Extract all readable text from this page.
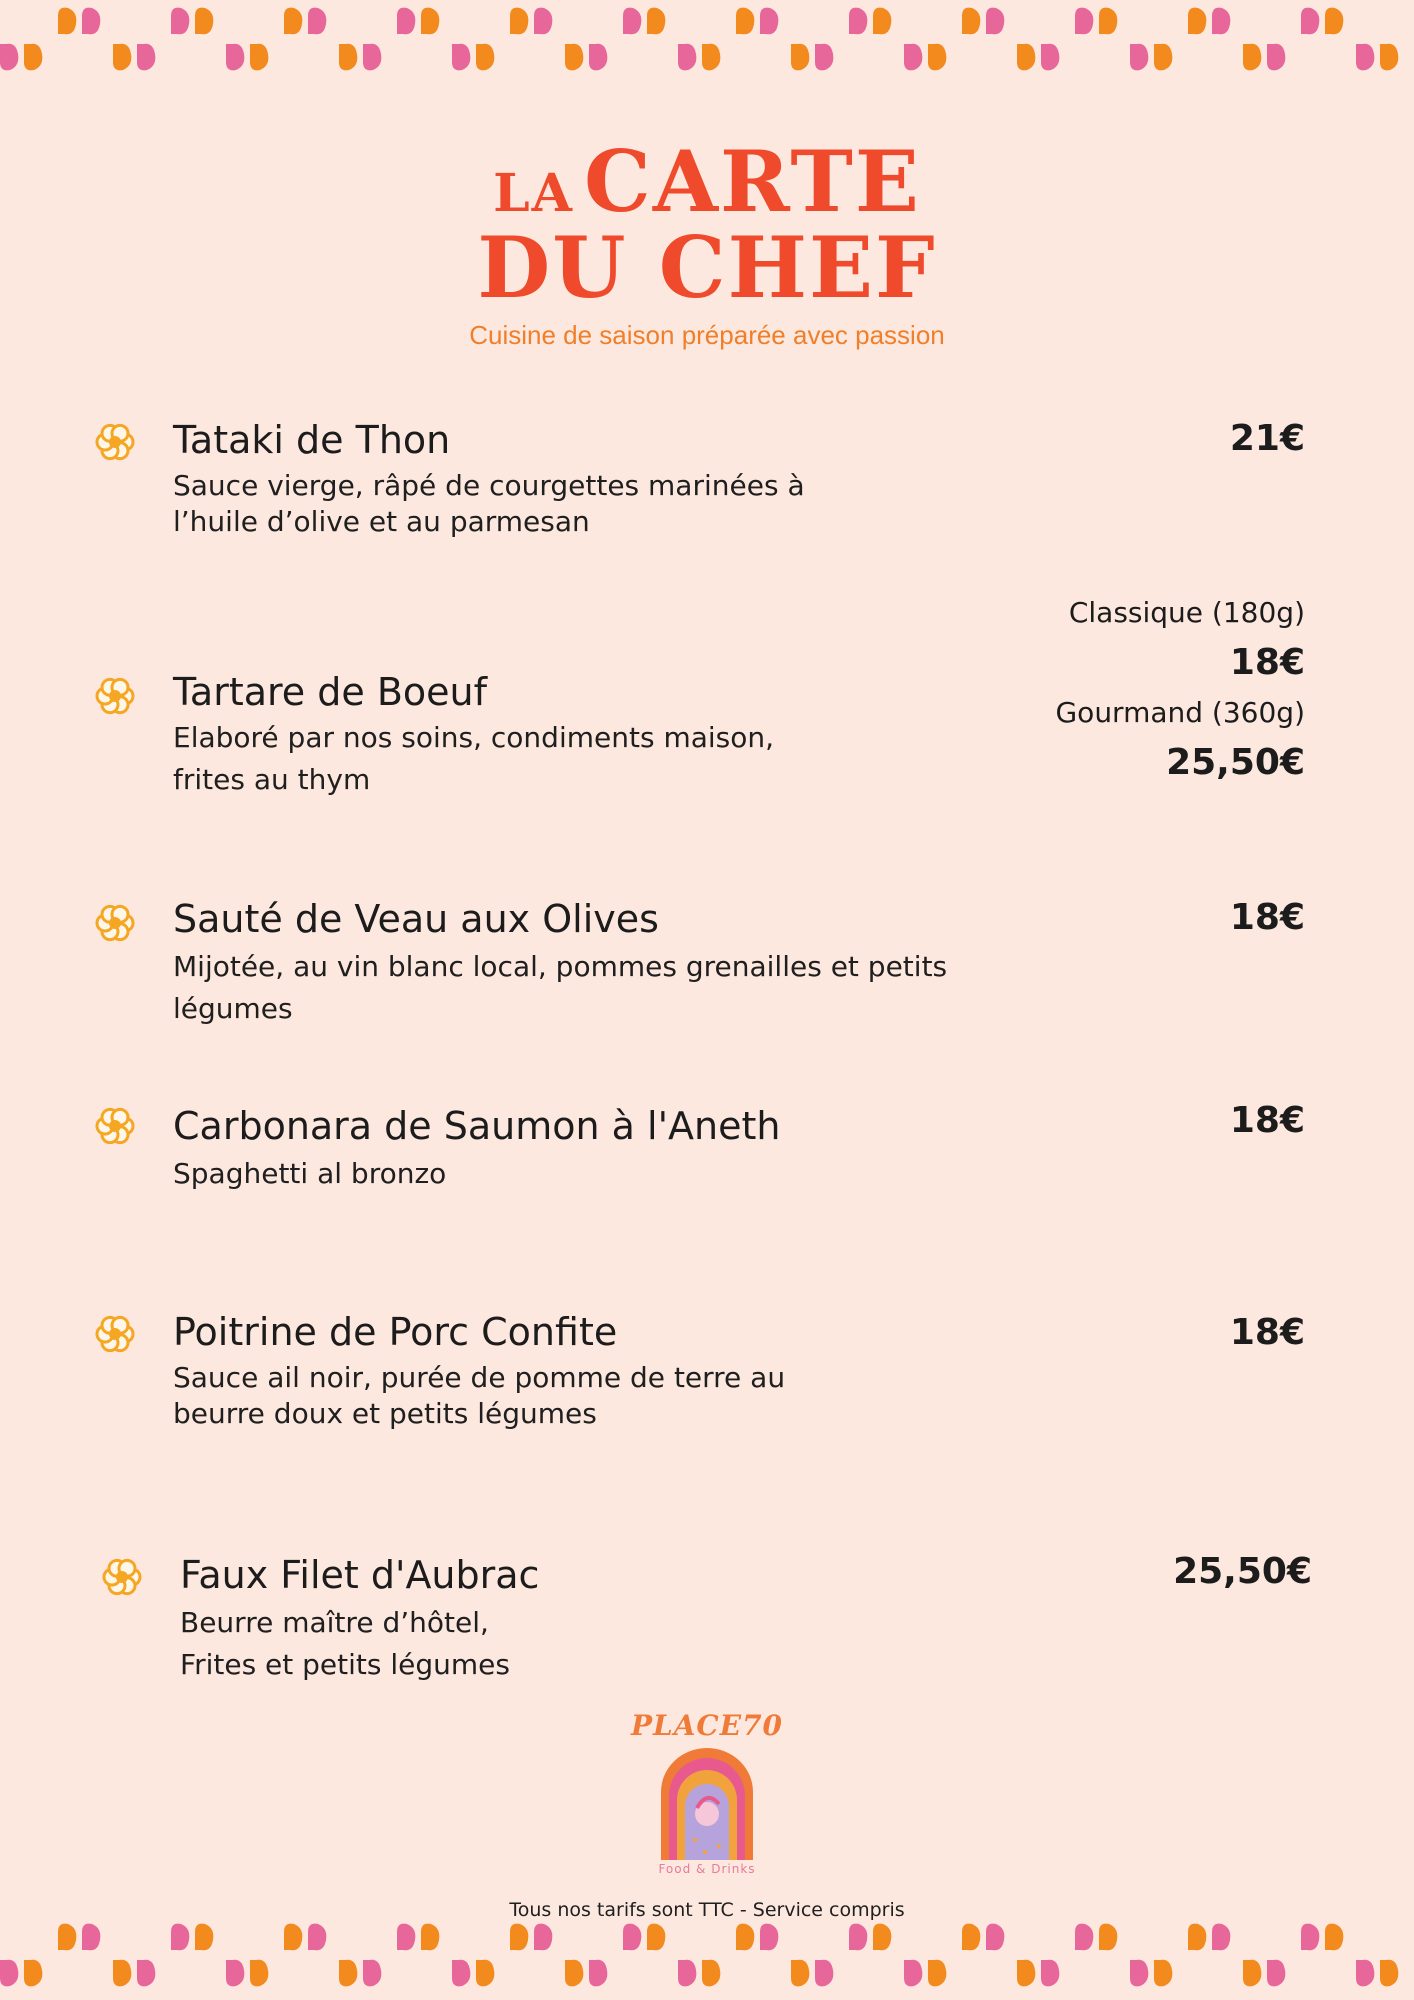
LA CARTE
DU CHEF
Cuisine de saison préparée avec passion
Tataki de Thon
Sauce vierge, râpé de courgettes marinées à
l’huile d’olive et au parmesan
21€
Tartare de Boeuf
Elaboré par nos soins, condiments maison,
frites au thym
Classique (180g)
18€
Gourmand (360g)
25,50€
Sauté de Veau aux Olives
Mijotée, au vin blanc local, pommes grenailles et petits
légumes
18€
Carbonara de Saumon à l'Aneth
Spaghetti al bronzo
18€
Poitrine de Porc Confite
Sauce ail noir, purée de pomme de terre au
beurre doux et petits légumes
18€
Faux Filet d'Aubrac
Beurre maître d’hôtel,
Frites et petits légumes
25,50€
PLACE70
Food & Drinks
Tous nos tarifs sont TTC - Service compris
